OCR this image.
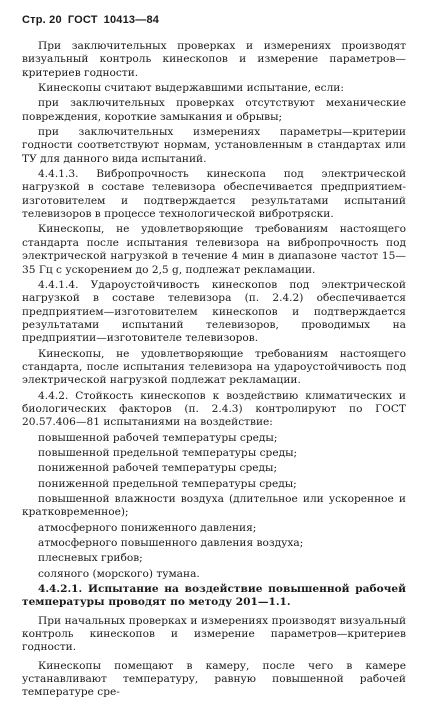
Стр. 20 ГОСТ 10413—84

При заключительных проверках и измерениях производят визуальный контроль кинескопов и измерение параметров—критериев годности.

Кинескопы считают выдержавшими испытание, если:

при заключительных проверках отсутствуют механические повреждения, короткие замыкания и обрывы;

при заключительных измерениях параметры—критерии годности соответствуют нормам, установленным в стандартах или ТУ для данного вида испытаний.

4.4.1.3. Вибропрочность кинескопа под электрической нагрузкой в составе телевизора обеспечивается предприятием-изготовителем и подтверждается результатами испытаний телевизоров в процессе технологической вибротряски.

Кинескопы, не удовлетворяющие требованиям настоящего стандарта после испытания телевизора на вибропрочность под электрической нагрузкой в течение 4 мин в диапазоне частот 15—35 Гц с ускорением до 2,5 g, подлежат рекламации.

4.4.1.4. Удароустойчивость кинескопов под электрической нагрузкой в составе телевизора (п. 2.4.2) обеспечивается предприятием—изготовителем кинескопов и подтверждается результатами испытаний телевизоров, проводимых на предприятии—изготовителе телевизоров.

Кинескопы, не удовлетворяющие требованиям настоящего стандарта, после испытания телевизора на удароустойчивость под электрической нагрузкой подлежат рекламации.

4.4.2. Стойкость кинескопов к воздействию климатических и биологических факторов (п. 2.4.3) контролируют по ГОСТ 20.57.406—81 испытаниями на воздействие:

повышенной рабочей температуры среды;

повышенной предельной температуры среды;

пониженной рабочей температуры среды;

пониженной предельной температуры среды;

повышенной влажности воздуха (длительное или ускоренное и кратковременное);

атмосферного пониженного давления;

атмосферного повышенного давления воздуха;

плесневых грибов;

соляного (морского) тумана.

4.4.2.1. Испытание на воздействие повышенной рабочей температуры проводят по методу 201—1.1.

При начальных проверках и измерениях производят визуальный контроль кинескопов и измерение параметров—критериев годности.

Кинескопы помещают в камеру, после чего в камере устанавливают температуру, равную повышенной рабочей температуре сре-
